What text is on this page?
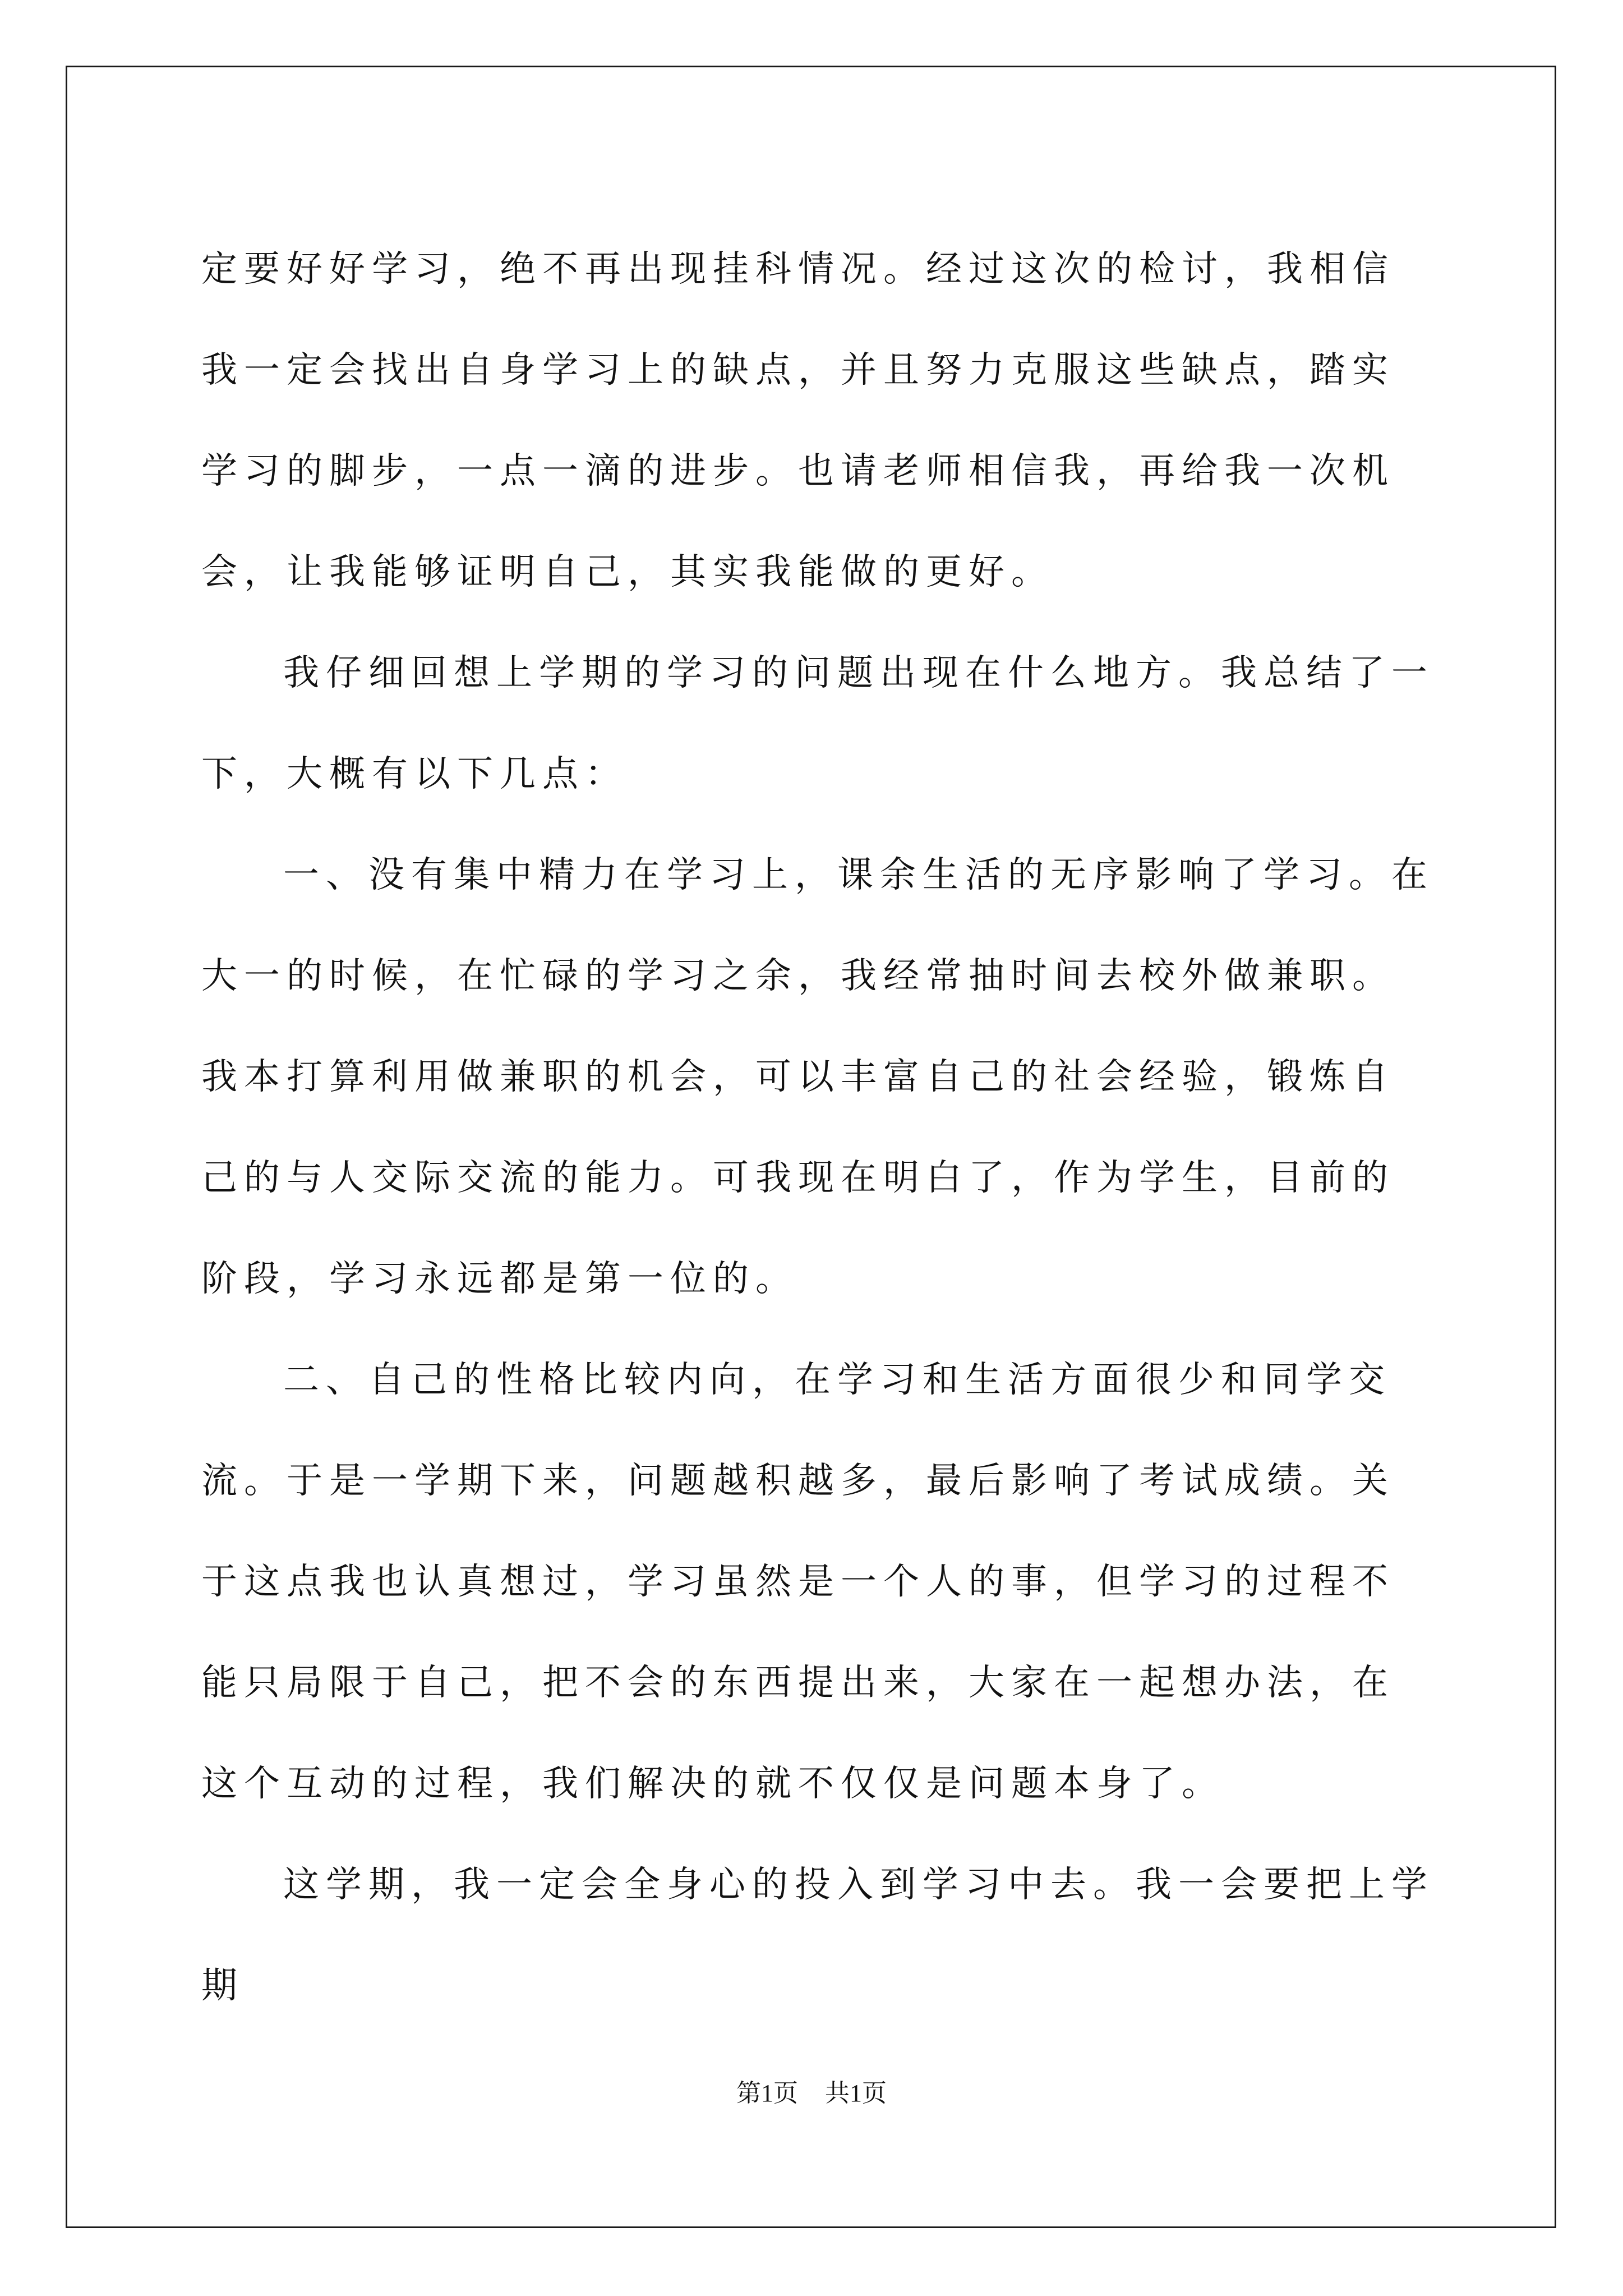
定要好好学习，绝不再出现挂科情况。经过这次的检讨，我相信我一定会找出自身学习上的缺点，并且努力克服这些缺点，踏实学习的脚步，一点一滴的进步。也请老师相信我，再给我一次机会，让我能够证明自己，其实我能做的更好。

我仔细回想上学期的学习的问题出现在什么地方。我总结了一下，大概有以下几点：

一、没有集中精力在学习上，课余生活的无序影响了学习。在大一的时候，在忙碌的学习之余，我经常抽时间去校外做兼职。我本打算利用做兼职的机会，可以丰富自己的社会经验，锻炼自己的与人交际交流的能力。可我现在明白了，作为学生，目前的阶段，学习永远都是第一位的。

二、自己的性格比较内向，在学习和生活方面很少和同学交流。于是一学期下来，问题越积越多，最后影响了考试成绩。关于这点我也认真想过，学习虽然是一个人的事，但学习的过程不能只局限于自己，把不会的东西提出来，大家在一起想办法，在这个互动的过程，我们解决的就不仅仅是问题本身了。

这学期，我一定会全身心的投入到学习中去。我一会要把上学期

第1页 共1页
